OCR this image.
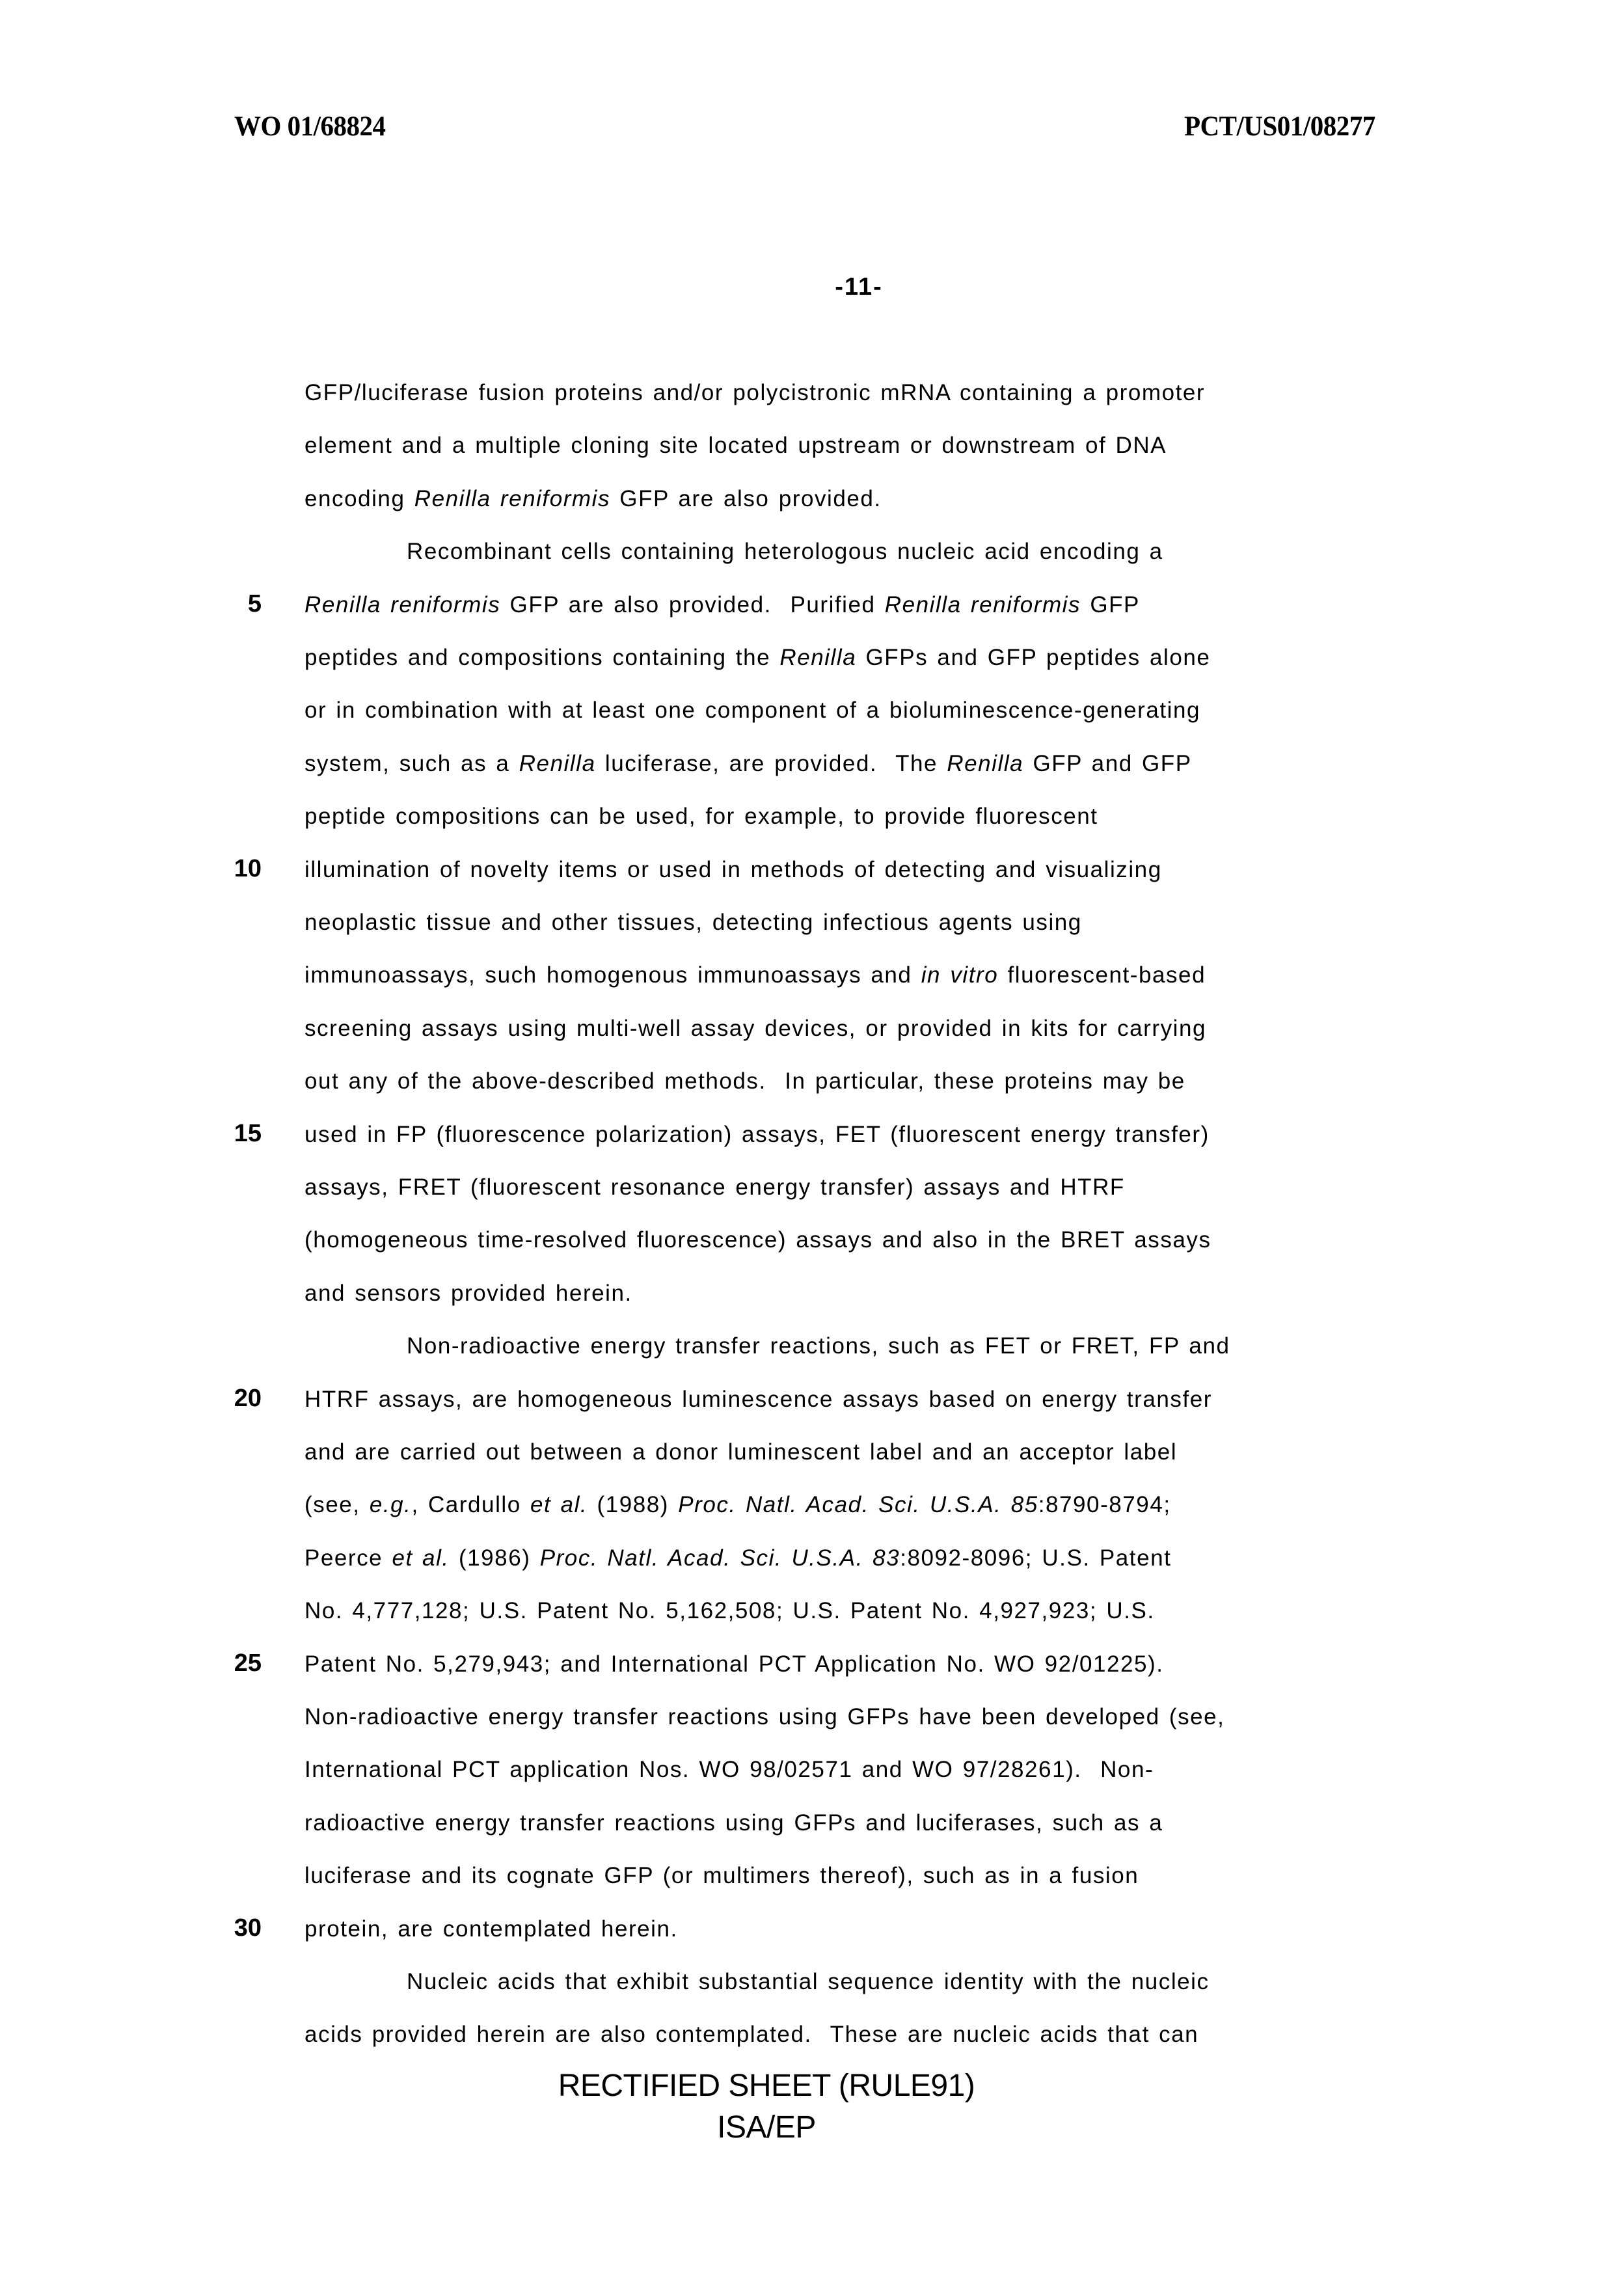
WO 01/68824	PCT/US01/08277
-11-
GFP/luciferase fusion proteins and/or polycistronic mRNA containing a promoter
element and a multiple cloning site located upstream or downstream of DNA
encoding Renilla reniformis GFP are also provided.
Recombinant cells containing heterologous nucleic acid encoding a
Renilla reniformis GFP are also provided.  Purified Renilla reniformis GFP
peptides and compositions containing the Renilla GFPs and GFP peptides alone
or in combination with at least one component of a bioluminescence-generating
system, such as a Renilla luciferase, are provided.  The Renilla GFP and GFP
peptide compositions can be used, for example, to provide fluorescent
illumination of novelty items or used in methods of detecting and visualizing
neoplastic tissue and other tissues, detecting infectious agents using
immunoassays, such homogenous immunoassays and in vitro fluorescent-based
screening assays using multi-well assay devices, or provided in kits for carrying
out any of the above-described methods.  In particular, these proteins may be
used in FP (fluorescence polarization) assays, FET (fluorescent energy transfer)
assays, FRET (fluorescent resonance energy transfer) assays and HTRF
(homogeneous time-resolved fluorescence) assays and also in the BRET assays
and sensors provided herein.
Non-radioactive energy transfer reactions, such as FET or FRET, FP and
HTRF assays, are homogeneous luminescence assays based on energy transfer
and are carried out between a donor luminescent label and an acceptor label
(see, e.g., Cardullo et al. (1988) Proc. Natl. Acad. Sci. U.S.A. 85:8790-8794;
Peerce et al. (1986) Proc. Natl. Acad. Sci. U.S.A. 83:8092-8096; U.S. Patent
No. 4,777,128; U.S. Patent No. 5,162,508; U.S. Patent No. 4,927,923; U.S.
Patent No. 5,279,943; and International PCT Application No. WO 92/01225).
Non-radioactive energy transfer reactions using GFPs have been developed (see,
International PCT application Nos. WO 98/02571 and WO 97/28261).  Non-
radioactive energy transfer reactions using GFPs and luciferases, such as a
luciferase and its cognate GFP (or multimers thereof), such as in a fusion
protein, are contemplated herein.
Nucleic acids that exhibit substantial sequence identity with the nucleic
acids provided herein are also contemplated.  These are nucleic acids that can
5
10
15
20
25
30
RECTIFIED SHEET (RULE91)
ISA/EP
